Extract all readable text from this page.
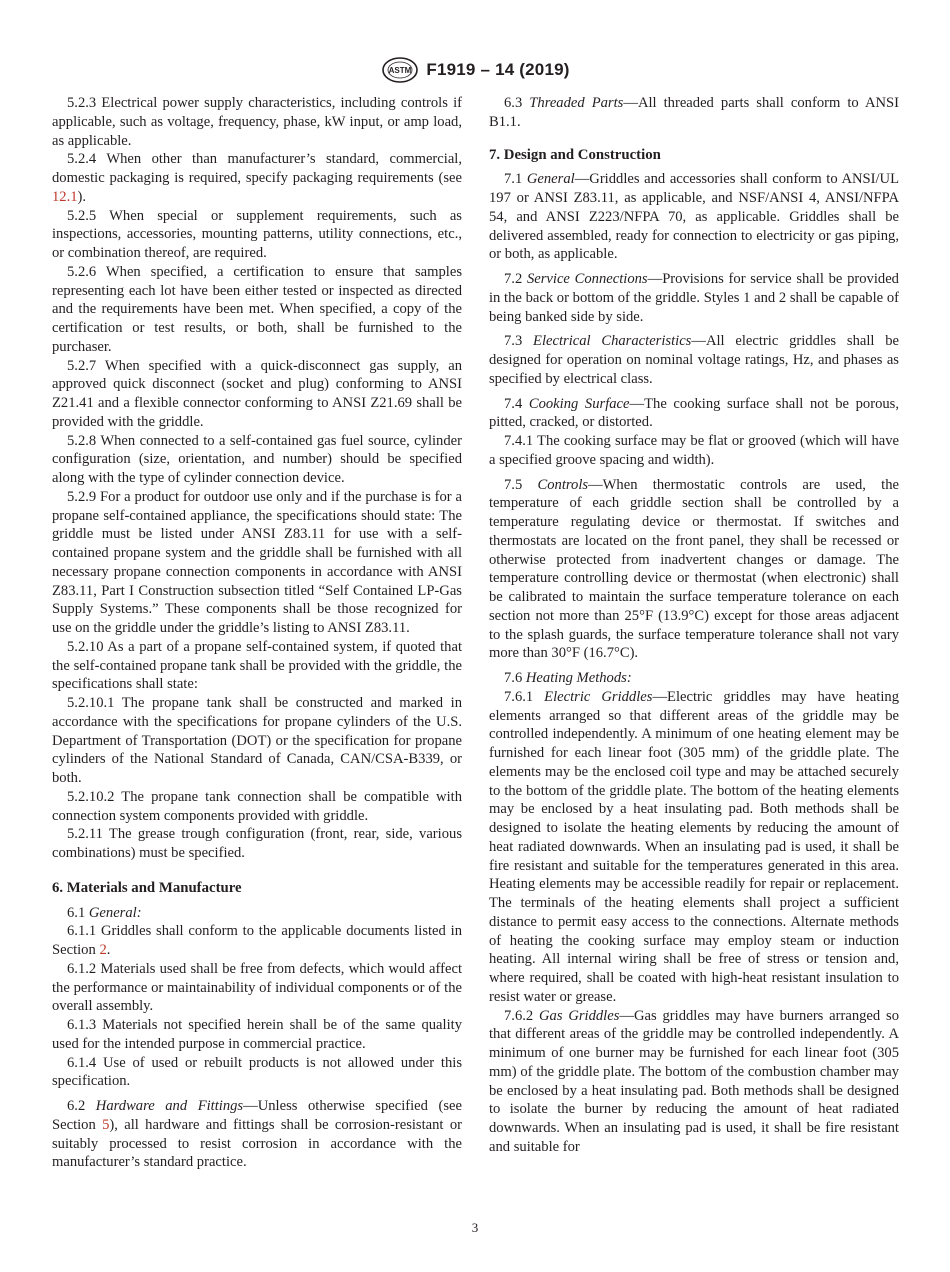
ASTM F1919 – 14 (2019)

5.2.3 Electrical power supply characteristics, including controls if applicable, such as voltage, frequency, phase, kW input, or amp load, as applicable.

5.2.4 When other than manufacturer’s standard, commercial, domestic packaging is required, specify packaging requirements (see 12.1).

5.2.5 When special or supplement requirements, such as inspections, accessories, mounting patterns, utility connections, etc., or combination thereof, are required.

5.2.6 When specified, a certification to ensure that samples representing each lot have been either tested or inspected as directed and the requirements have been met. When specified, a copy of the certification or test results, or both, shall be furnished to the purchaser.

5.2.7 When specified with a quick-disconnect gas supply, an approved quick disconnect (socket and plug) conforming to ANSI Z21.41 and a flexible connector conforming to ANSI Z21.69 shall be provided with the griddle.

5.2.8 When connected to a self-contained gas fuel source, cylinder configuration (size, orientation, and number) should be specified along with the type of cylinder connection device.

5.2.9 For a product for outdoor use only and if the purchase is for a propane self-contained appliance, the specifications should state: The griddle must be listed under ANSI Z83.11 for use with a self-contained propane system and the griddle shall be furnished with all necessary propane connection components in accordance with ANSI Z83.11, Part I Construction subsection titled “Self Contained LP-Gas Supply Systems.” These components shall be those recognized for use on the griddle under the griddle’s listing to ANSI Z83.11.

5.2.10 As a part of a propane self-contained system, if quoted that the self-contained propane tank shall be provided with the griddle, the specifications shall state:

5.2.10.1 The propane tank shall be constructed and marked in accordance with the specifications for propane cylinders of the U.S. Department of Transportation (DOT) or the specification for propane cylinders of the National Standard of Canada, CAN/CSA-B339, or both.

5.2.10.2 The propane tank connection shall be compatible with connection system components provided with griddle.

5.2.11 The grease trough configuration (front, rear, side, various combinations) must be specified.

6. Materials and Manufacture

6.1 General:

6.1.1 Griddles shall conform to the applicable documents listed in Section 2.

6.1.2 Materials used shall be free from defects, which would affect the performance or maintainability of individual components or of the overall assembly.

6.1.3 Materials not specified herein shall be of the same quality used for the intended purpose in commercial practice.

6.1.4 Use of used or rebuilt products is not allowed under this specification.

6.2 Hardware and Fittings—Unless otherwise specified (see Section 5), all hardware and fittings shall be corrosion-resistant or suitably processed to resist corrosion in accordance with the manufacturer’s standard practice.

6.3 Threaded Parts—All threaded parts shall conform to ANSI B1.1.

7. Design and Construction

7.1 General—Griddles and accessories shall conform to ANSI/UL 197 or ANSI Z83.11, as applicable, and NSF/ANSI 4, ANSI/NFPA 54, and ANSI Z223/NFPA 70, as applicable. Griddles shall be delivered assembled, ready for connection to electricity or gas piping, or both, as applicable.

7.2 Service Connections—Provisions for service shall be provided in the back or bottom of the griddle. Styles 1 and 2 shall be capable of being banked side by side.

7.3 Electrical Characteristics—All electric griddles shall be designed for operation on nominal voltage ratings, Hz, and phases as specified by electrical class.

7.4 Cooking Surface—The cooking surface shall not be porous, pitted, cracked, or distorted.

7.4.1 The cooking surface may be flat or grooved (which will have a specified groove spacing and width).

7.5 Controls—When thermostatic controls are used, the temperature of each griddle section shall be controlled by a temperature regulating device or thermostat. If switches and thermostats are located on the front panel, they shall be recessed or otherwise protected from inadvertent changes or damage. The temperature controlling device or thermostat (when electronic) shall be calibrated to maintain the surface temperature tolerance on each section not more than 25°F (13.9°C) except for those areas adjacent to the splash guards, the surface temperature tolerance shall not vary more than 30°F (16.7°C).

7.6 Heating Methods:

7.6.1 Electric Griddles—Electric griddles may have heating elements arranged so that different areas of the griddle may be controlled independently. A minimum of one heating element may be furnished for each linear foot (305 mm) of the griddle plate. The elements may be the enclosed coil type and may be attached securely to the bottom of the griddle plate. The bottom of the heating elements may be enclosed by a heat insulating pad. Both methods shall be designed to isolate the heating elements by reducing the amount of heat radiated downwards. When an insulating pad is used, it shall be fire resistant and suitable for the temperatures generated in this area. Heating elements may be accessible readily for repair or replacement. The terminals of the heating elements shall project a sufficient distance to permit easy access to the connections. Alternate methods of heating the cooking surface may employ steam or induction heating. All internal wiring shall be free of stress or tension and, where required, shall be coated with high-heat resistant insulation to resist water or grease.

7.6.2 Gas Griddles—Gas griddles may have burners arranged so that different areas of the griddle may be controlled independently. A minimum of one burner may be furnished for each linear foot (305 mm) of the griddle plate. The bottom of the combustion chamber may be enclosed by a heat insulating pad. Both methods shall be designed to isolate the burner by reducing the amount of heat radiated downwards. When an insulating pad is used, it shall be fire resistant and suitable for

3
